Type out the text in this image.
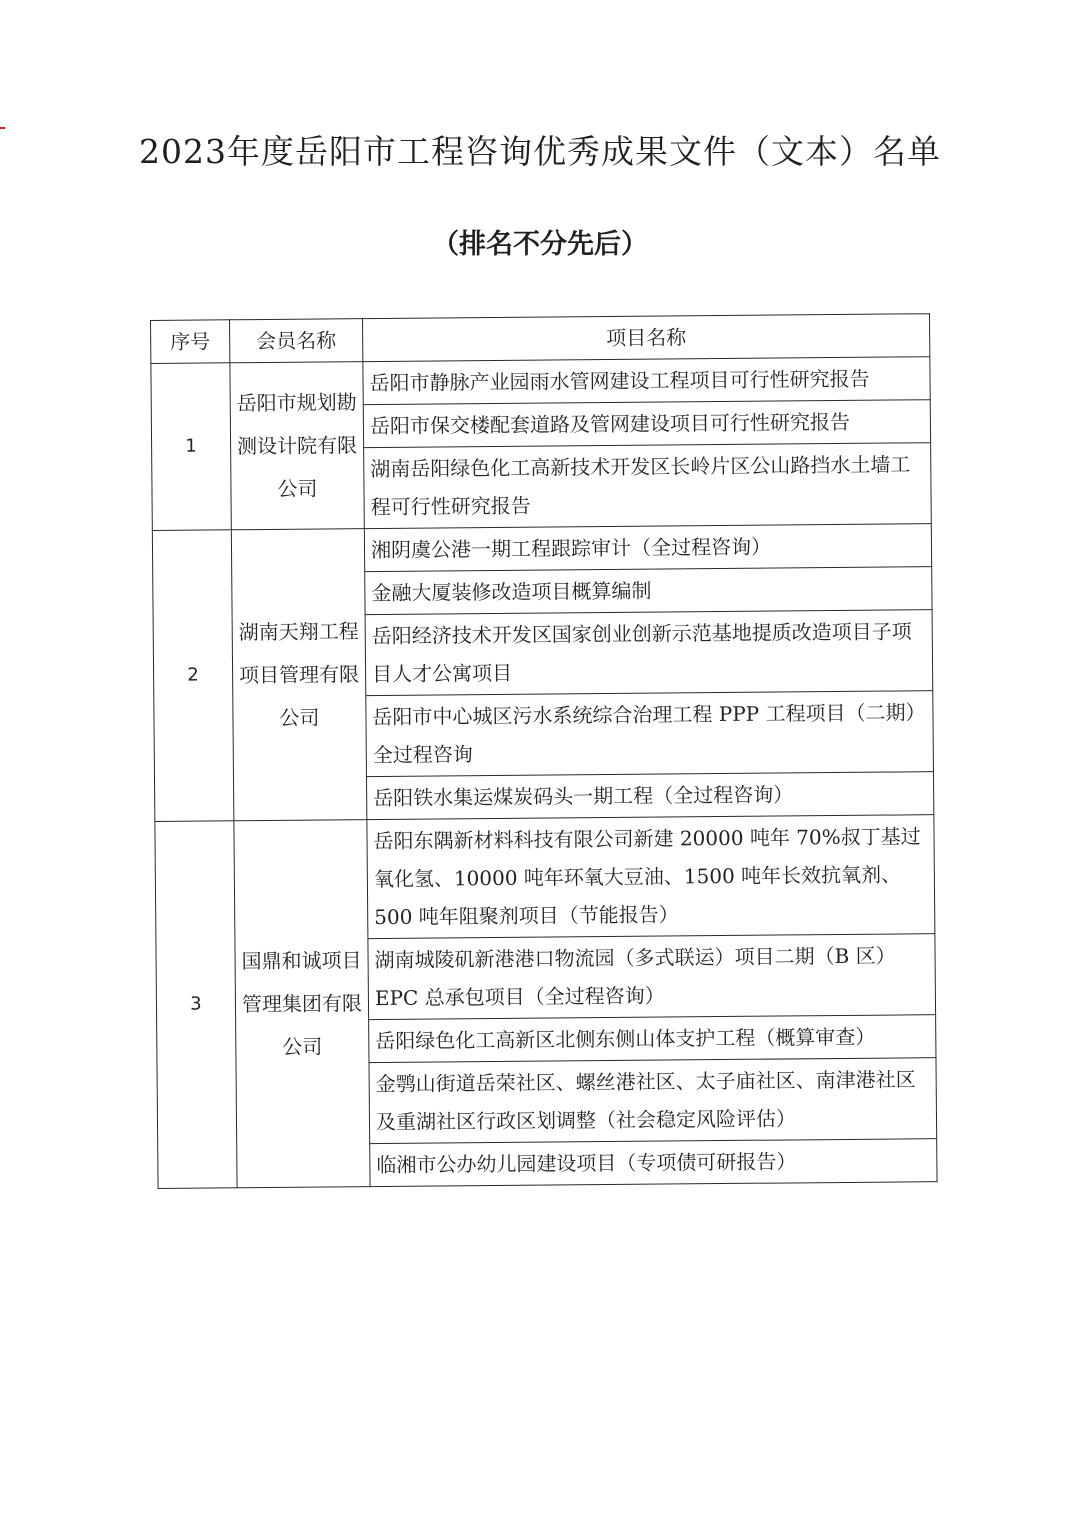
2023年度岳阳市工程咨询优秀成果文件（文本）名单
（排名不分先后）
序号	会员名称	项目名称
1	岳阳市规划勘测设计院有限公司	岳阳市静脉产业园雨水管网建设工程项目可行性研究报告
		岳阳市保交楼配套道路及管网建设项目可行性研究报告
		湖南岳阳绿色化工高新技术开发区长岭片区公山路挡水土墙工程可行性研究报告
2	湖南天翔工程项目管理有限公司	湘阴虞公港一期工程跟踪审计（全过程咨询）
		金融大厦装修改造项目概算编制
		岳阳经济技术开发区国家创业创新示范基地提质改造项目子项目人才公寓项目
		岳阳市中心城区污水系统综合治理工程 PPP 工程项目（二期）全过程咨询
		岳阳铁水集运煤炭码头一期工程（全过程咨询）
3	国鼎和诚项目管理集团有限公司	岳阳东隅新材料科技有限公司新建 20000 吨年 70%叔丁基过氧化氢、10000 吨年环氧大豆油、1500 吨年长效抗氧剂、500 吨年阻聚剂项目（节能报告）
		湖南城陵矶新港港口物流园（多式联运）项目二期（B 区）EPC 总承包项目（全过程咨询）
		岳阳绿色化工高新区北侧东侧山体支护工程（概算审查）
		金鹗山街道岳荣社区、螺丝港社区、太子庙社区、南津港社区及重湖社区行政区划调整（社会稳定风险评估）
		临湘市公办幼儿园建设项目（专项债可研报告）
